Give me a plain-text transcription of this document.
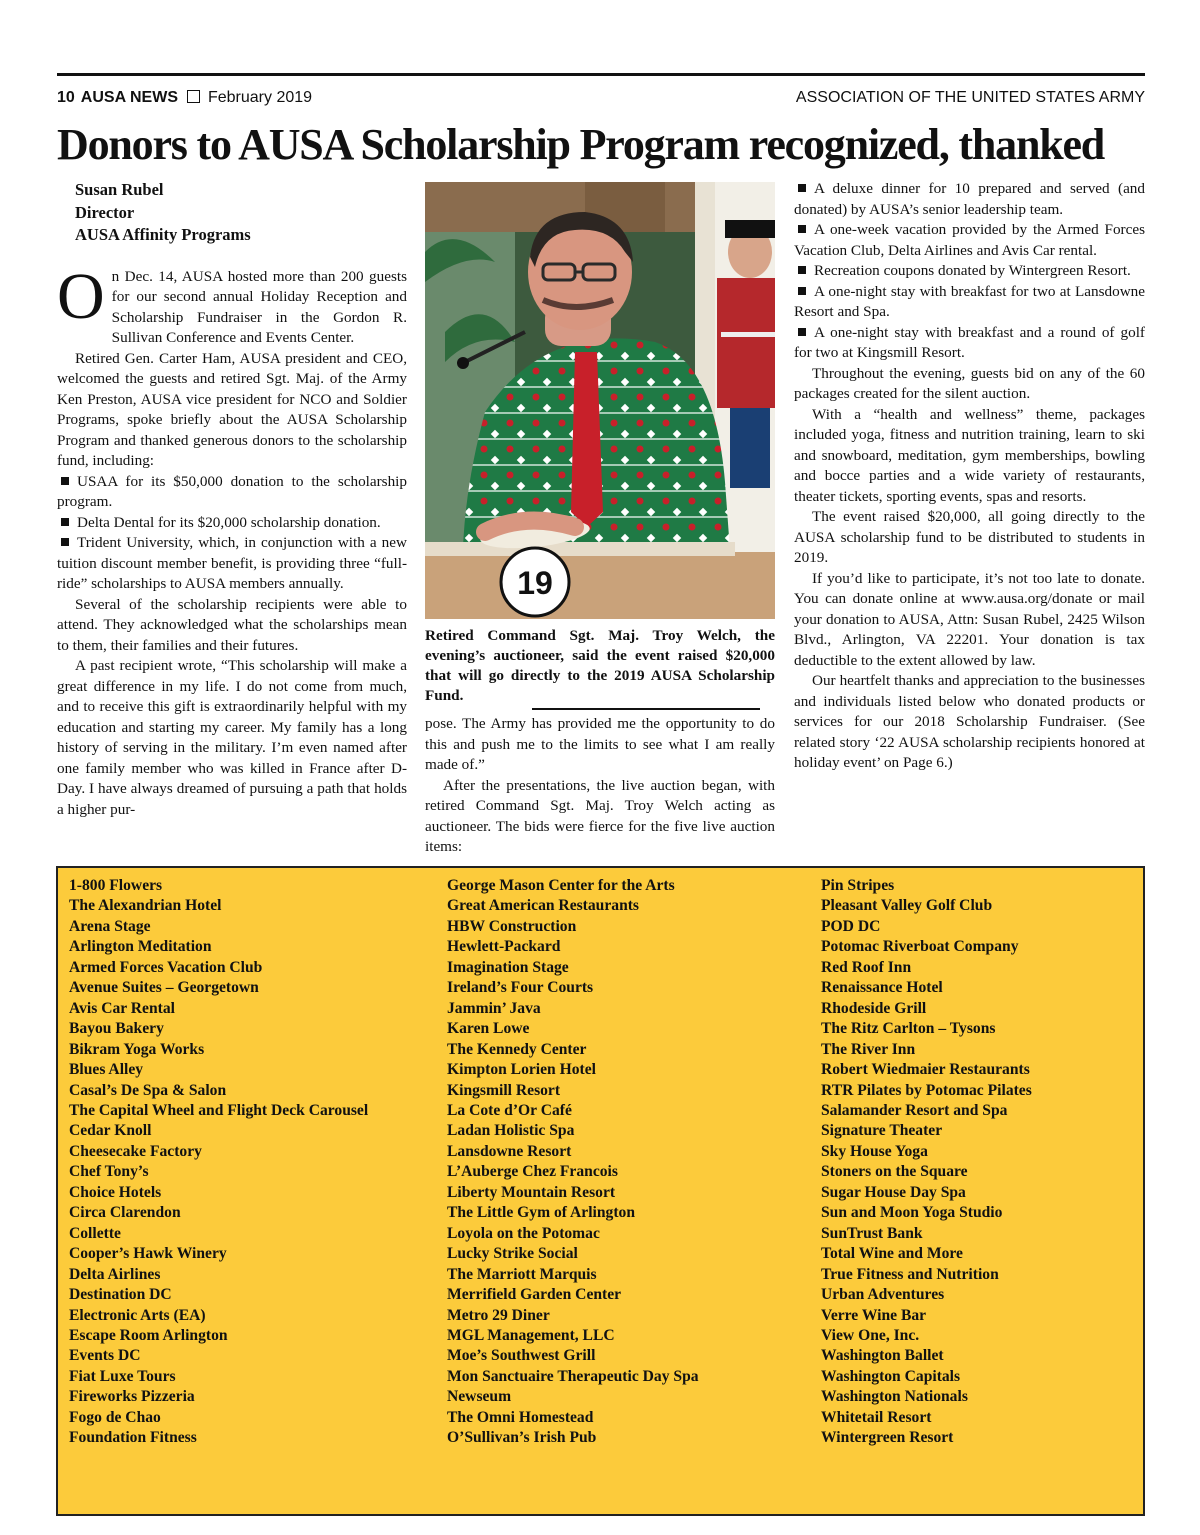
10 AUSA NEWS February 2019	ASSOCIATION OF THE UNITED STATES ARMY
Donors to AUSA Scholarship Program recognized, thanked
Susan Rubel
Director
AUSA Affinity Programs

On Dec. 14, AUSA hosted more than 200 guests for our second annual Holiday Reception and Scholarship Fundraiser in the Gordon R. Sullivan Conference and Events Center.

Retired Gen. Carter Ham, AUSA president and CEO, welcomed the guests and retired Sgt. Maj. of the Army Ken Preston, AUSA vice president for NCO and Soldier Programs, spoke briefly about the AUSA Scholarship Program and thanked generous donors to the scholarship fund, including:

USAA for its $50,000 donation to the scholarship program.

Delta Dental for its $20,000 scholarship donation.

Trident University, which, in conjunction with a new tuition discount member benefit, is providing three “full-ride” scholarships to AUSA members annually.

Several of the scholarship recipients were able to attend. They acknowledged what the scholarships mean to them, their families and their futures.

A past recipient wrote, “This scholarship will make a great difference in my life. I do not come from much, and to receive this gift is extraordinarily helpful with my education and starting my career. My family has a long history of serving in the military. I’m even named after one family member who was killed in France after D-Day. I have always dreamed of pursuing a path that holds a higher pur-

19
Retired Command Sgt. Maj. Troy Welch, the evening’s auctioneer, said the event raised $20,000 that will go directly to the 2019 AUSA Scholarship Fund.

pose. The Army has provided me the opportunity to do this and push me to the limits to see what I am really made of.”

After the presentations, the live auction began, with retired Command Sgt. Maj. Troy Welch acting as auctioneer. The bids were fierce for the five live auction items:

A deluxe dinner for 10 prepared and served (and donated) by AUSA’s senior leadership team.

A one-week vacation provided by the Armed Forces Vacation Club, Delta Airlines and Avis Car rental.

Recreation coupons donated by Wintergreen Resort.

A one-night stay with breakfast for two at Lansdowne Resort and Spa.

A one-night stay with breakfast and a round of golf for two at Kingsmill Resort.

Throughout the evening, guests bid on any of the 60 packages created for the silent auction.

With a “health and wellness” theme, packages included yoga, fitness and nutrition training, learn to ski and snowboard, meditation, gym memberships, bowling and bocce parties and a wide variety of restaurants, theater tickets, sporting events, spas and resorts.

The event raised $20,000, all going directly to the AUSA scholarship fund to be distributed to students in 2019.

If you’d like to participate, it’s not too late to donate. You can donate online at www.ausa.org/donate or mail your donation to AUSA, Attn: Susan Rubel, 2425 Wilson Blvd., Arlington, VA 22201. Your donation is tax deductible to the extent allowed by law.

Our heartfelt thanks and appreciation to the businesses and individuals listed below who donated products or services for our 2018 Scholarship Fundraiser. (See related story ‘22 AUSA scholarship recipients honored at holiday event’ on Page 6.)

1-800 Flowers
The Alexandrian Hotel
Arena Stage
Arlington Meditation
Armed Forces Vacation Club
Avenue Suites – Georgetown
Avis Car Rental
Bayou Bakery
Bikram Yoga Works
Blues Alley
Casal’s De Spa & Salon
The Capital Wheel and Flight Deck Carousel
Cedar Knoll
Cheesecake Factory
Chef Tony’s
Choice Hotels
Circa Clarendon
Collette
Cooper’s Hawk Winery
Delta Airlines
Destination DC
Electronic Arts (EA)
Escape Room Arlington
Events DC
Fiat Luxe Tours
Fireworks Pizzeria
Fogo de Chao
Foundation Fitness
George Mason Center for the Arts
Great American Restaurants
HBW Construction
Hewlett-Packard
Imagination Stage
Ireland’s Four Courts
Jammin’ Java
Karen Lowe
The Kennedy Center
Kimpton Lorien Hotel
Kingsmill Resort
La Cote d’Or Café
Ladan Holistic Spa
Lansdowne Resort
L’Auberge Chez Francois
Liberty Mountain Resort
The Little Gym of Arlington
Loyola on the Potomac
Lucky Strike Social
The Marriott Marquis
Merrifield Garden Center
Metro 29 Diner
MGL Management, LLC
Moe’s Southwest Grill
Mon Sanctuaire Therapeutic Day Spa
Newseum
The Omni Homestead
O’Sullivan’s Irish Pub
Pin Stripes
Pleasant Valley Golf Club
POD DC
Potomac Riverboat Company
Red Roof Inn
Renaissance Hotel
Rhodeside Grill
The Ritz Carlton – Tysons
The River Inn
Robert Wiedmaier Restaurants
RTR Pilates by Potomac Pilates
Salamander Resort and Spa
Signature Theater
Sky House Yoga
Stoners on the Square
Sugar House Day Spa
Sun and Moon Yoga Studio
SunTrust Bank
Total Wine and More
True Fitness and Nutrition
Urban Adventures
Verre Wine Bar
View One, Inc.
Washington Ballet
Washington Capitals
Washington Nationals
Whitetail Resort
Wintergreen Resort
